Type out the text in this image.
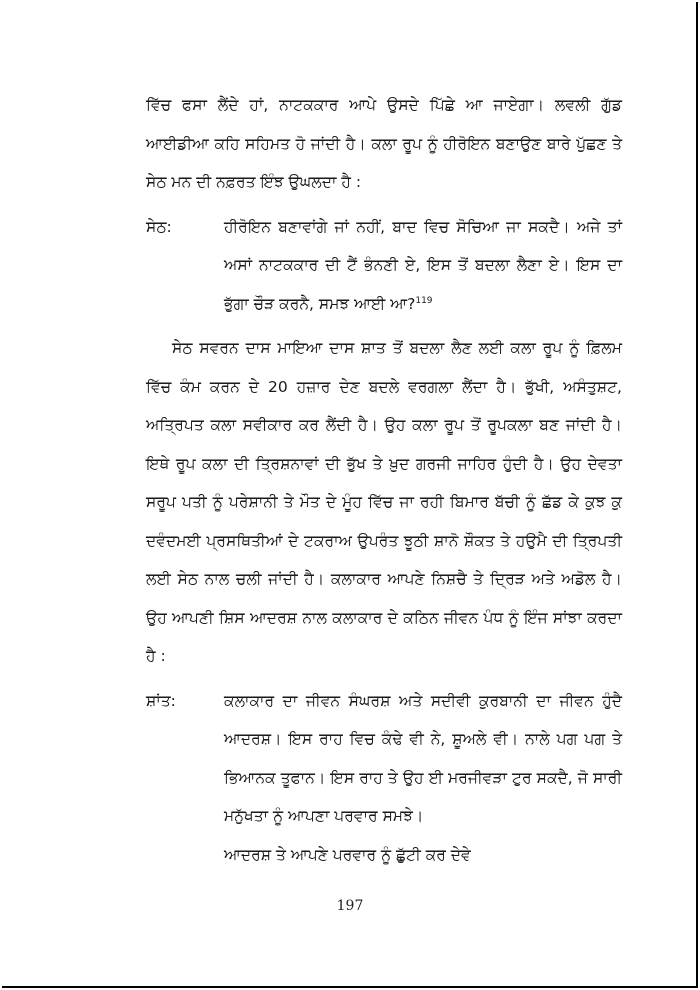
ਵਿੱਚ ਫਸਾ ਲੈਂਦੇ ਹਾਂ, ਨਾਟਕਕਾਰ ਆਪੇ ਉਸਦੇ ਪਿੱਛੇ ਆ ਜਾਏਗਾ। ਲਵਲੀ ਗੁੱਡ ਆਈਡੀਆ ਕਹਿ ਸਹਿਮਤ ਹੋ ਜਾਂਦੀ ਹੈ। ਕਲਾ ਰੂਪ ਨੂੰ ਹੀਰੋਇਨ ਬਣਾਉਣ ਬਾਰੇ ਪੁੱਛਣ ਤੇ ਸੇਠ ਮਨ ਦੀ ਨਫ਼ਰਤ ਇੰਝ ਉਘਲਦਾ ਹੈ :

ਸੇਠ:	ਹੀਰੋਇਨ ਬਣਾਵਾਂਗੇ ਜਾਂ ਨਹੀਂ, ਬਾਦ ਵਿਚ ਸੋਚਿਆ ਜਾ ਸਕਦੈ। ਅਜੇ ਤਾਂ ਅਸਾਂ ਨਾਟਕਕਾਰ ਦੀ ਟੈਂ ਭੰਨਣੀ ਏ, ਇਸ ਤੋਂ ਬਦਲਾ ਲੈਣਾ ਏ। ਇਸ ਦਾ ਭੁੱਗਾ ਚੌੜ ਕਰਨੈ, ਸਮਝ ਆਈ ਆ?$^{119}$

ਸੇਠ ਸਵਰਨ ਦਾਸ ਮਾਇਆ ਦਾਸ ਸ਼ਾਤ ਤੋਂ ਬਦਲਾ ਲੈਣ ਲਈ ਕਲਾ ਰੂਪ ਨੂੰ ਫ਼ਿਲਮ ਵਿੱਚ ਕੰਮ ਕਰਨ ਦੇ 20 ਹਜ਼ਾਰ ਦੇਣ ਬਦਲੇ ਵਰਗਲਾ ਲੈਂਦਾ ਹੈ। ਭੁੱਖੀ, ਅਸੰਤੁਸ਼ਟ, ਅਤ੍ਰਿਪਤ ਕਲਾ ਸਵੀਕਾਰ ਕਰ ਲੈਂਦੀ ਹੈ। ਉਹ ਕਲਾ ਰੂਪ ਤੋਂ ਰੂਪਕਲਾ ਬਣ ਜਾਂਦੀ ਹੈ। ਇਥੇ ਰੂਪ ਕਲਾ ਦੀ ਤ੍ਰਿਸ਼ਨਾਵਾਂ ਦੀ ਭੁੱਖ ਤੇ ਖ਼ੁਦ ਗਰਜੀ ਜਾਹਿਰ ਹੁੰਦੀ ਹੈ। ਉਹ ਦੇਵਤਾ ਸਰੂਪ ਪਤੀ ਨੂੰ ਪਰੇਸ਼ਾਨੀ ਤੇ ਮੌਤ ਦੇ ਮੂੰਹ ਵਿੱਚ ਜਾ ਰਹੀ ਬਿਮਾਰ ਬੱਚੀ ਨੂੰ ਛੱਡ ਕੇ ਕੁਝ ਕੁ ਦਵੰਦਮਈ ਪ੍ਰਸਥਿਤੀਆਂ ਦੇ ਟਕਰਾਅ ਉਪਰੰਤ ਝੂਠੀ ਸ਼ਾਨੋ ਸ਼ੌਕਤ ਤੇ ਹਉਮੈ ਦੀ ਤ੍ਰਿਪਤੀ ਲਈ ਸੇਠ ਨਾਲ ਚਲੀ ਜਾਂਦੀ ਹੈ। ਕਲਾਕਾਰ ਆਪਣੇ ਨਿਸ਼ਚੈ ਤੇ ਦ੍ਰਿੜ ਅਤੇ ਅਡੋਲ ਹੈ। ਉਹ ਆਪਣੀ ਸ਼ਿਸ ਆਦਰਸ਼ ਨਾਲ ਕਲਾਕਾਰ ਦੇ ਕਠਿਨ ਜੀਵਨ ਪੰਧ ਨੂੰ ਇੰਜ ਸਾਂਝਾ ਕਰਦਾ ਹੈ :

ਸ਼ਾਂਤ:	ਕਲਾਕਾਰ ਦਾ ਜੀਵਨ ਸੰਘਰਸ਼ ਅਤੇ ਸਦੀਵੀ ਕੁਰਬਾਨੀ ਦਾ ਜੀਵਨ ਹੁੰਦੈ ਆਦਰਸ਼। ਇਸ ਰਾਹ ਵਿਚ ਕੰਢੇ ਵੀ ਨੇ, ਸ਼ੂਅਲੇ ਵੀ। ਨਾਲੇ ਪਗ ਪਗ ਤੇ ਭਿਆਨਕ ਤੂਫਾਨ। ਇਸ ਰਾਹ ਤੇ ਉਹ ਈ ਮਰਜੀਵੜਾ ਟੁਰ ਸਕਦੈ, ਜੋ ਸਾਰੀ ਮਨੁੱਖਤਾ ਨੂੰ ਆਪਣਾ ਪਰਵਾਰ ਸਮਝੇ।

ਆਦਰਸ਼ ਤੇ ਆਪਣੇ ਪਰਵਾਰ ਨੂੰ ਛੁੱਟੀ ਕਰ ਦੇਵੇ
197
